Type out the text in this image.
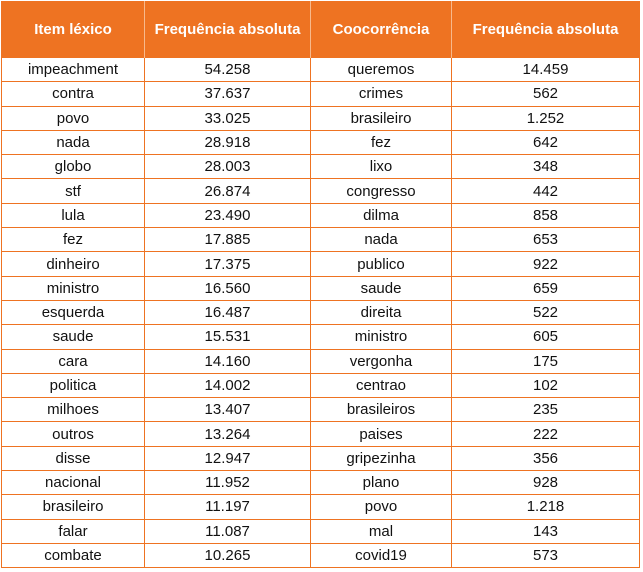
Item léxico	Frequência absoluta	Coocorrência	Frequência absoluta
impeachment	54.258	queremos	14.459
contra	37.637	crimes	562
povo	33.025	brasileiro	1.252
nada	28.918	fez	642
globo	28.003	lixo	348
stf	26.874	congresso	442
lula	23.490	dilma	858
fez	17.885	nada	653
dinheiro	17.375	publico	922
ministro	16.560	saude	659
esquerda	16.487	direita	522
saude	15.531	ministro	605
cara	14.160	vergonha	175
politica	14.002	centrao	102
milhoes	13.407	brasileiros	235
outros	13.264	paises	222
disse	12.947	gripezinha	356
nacional	11.952	plano	928
brasileiro	11.197	povo	1.218
falar	11.087	mal	143
combate	10.265	covid19	573
